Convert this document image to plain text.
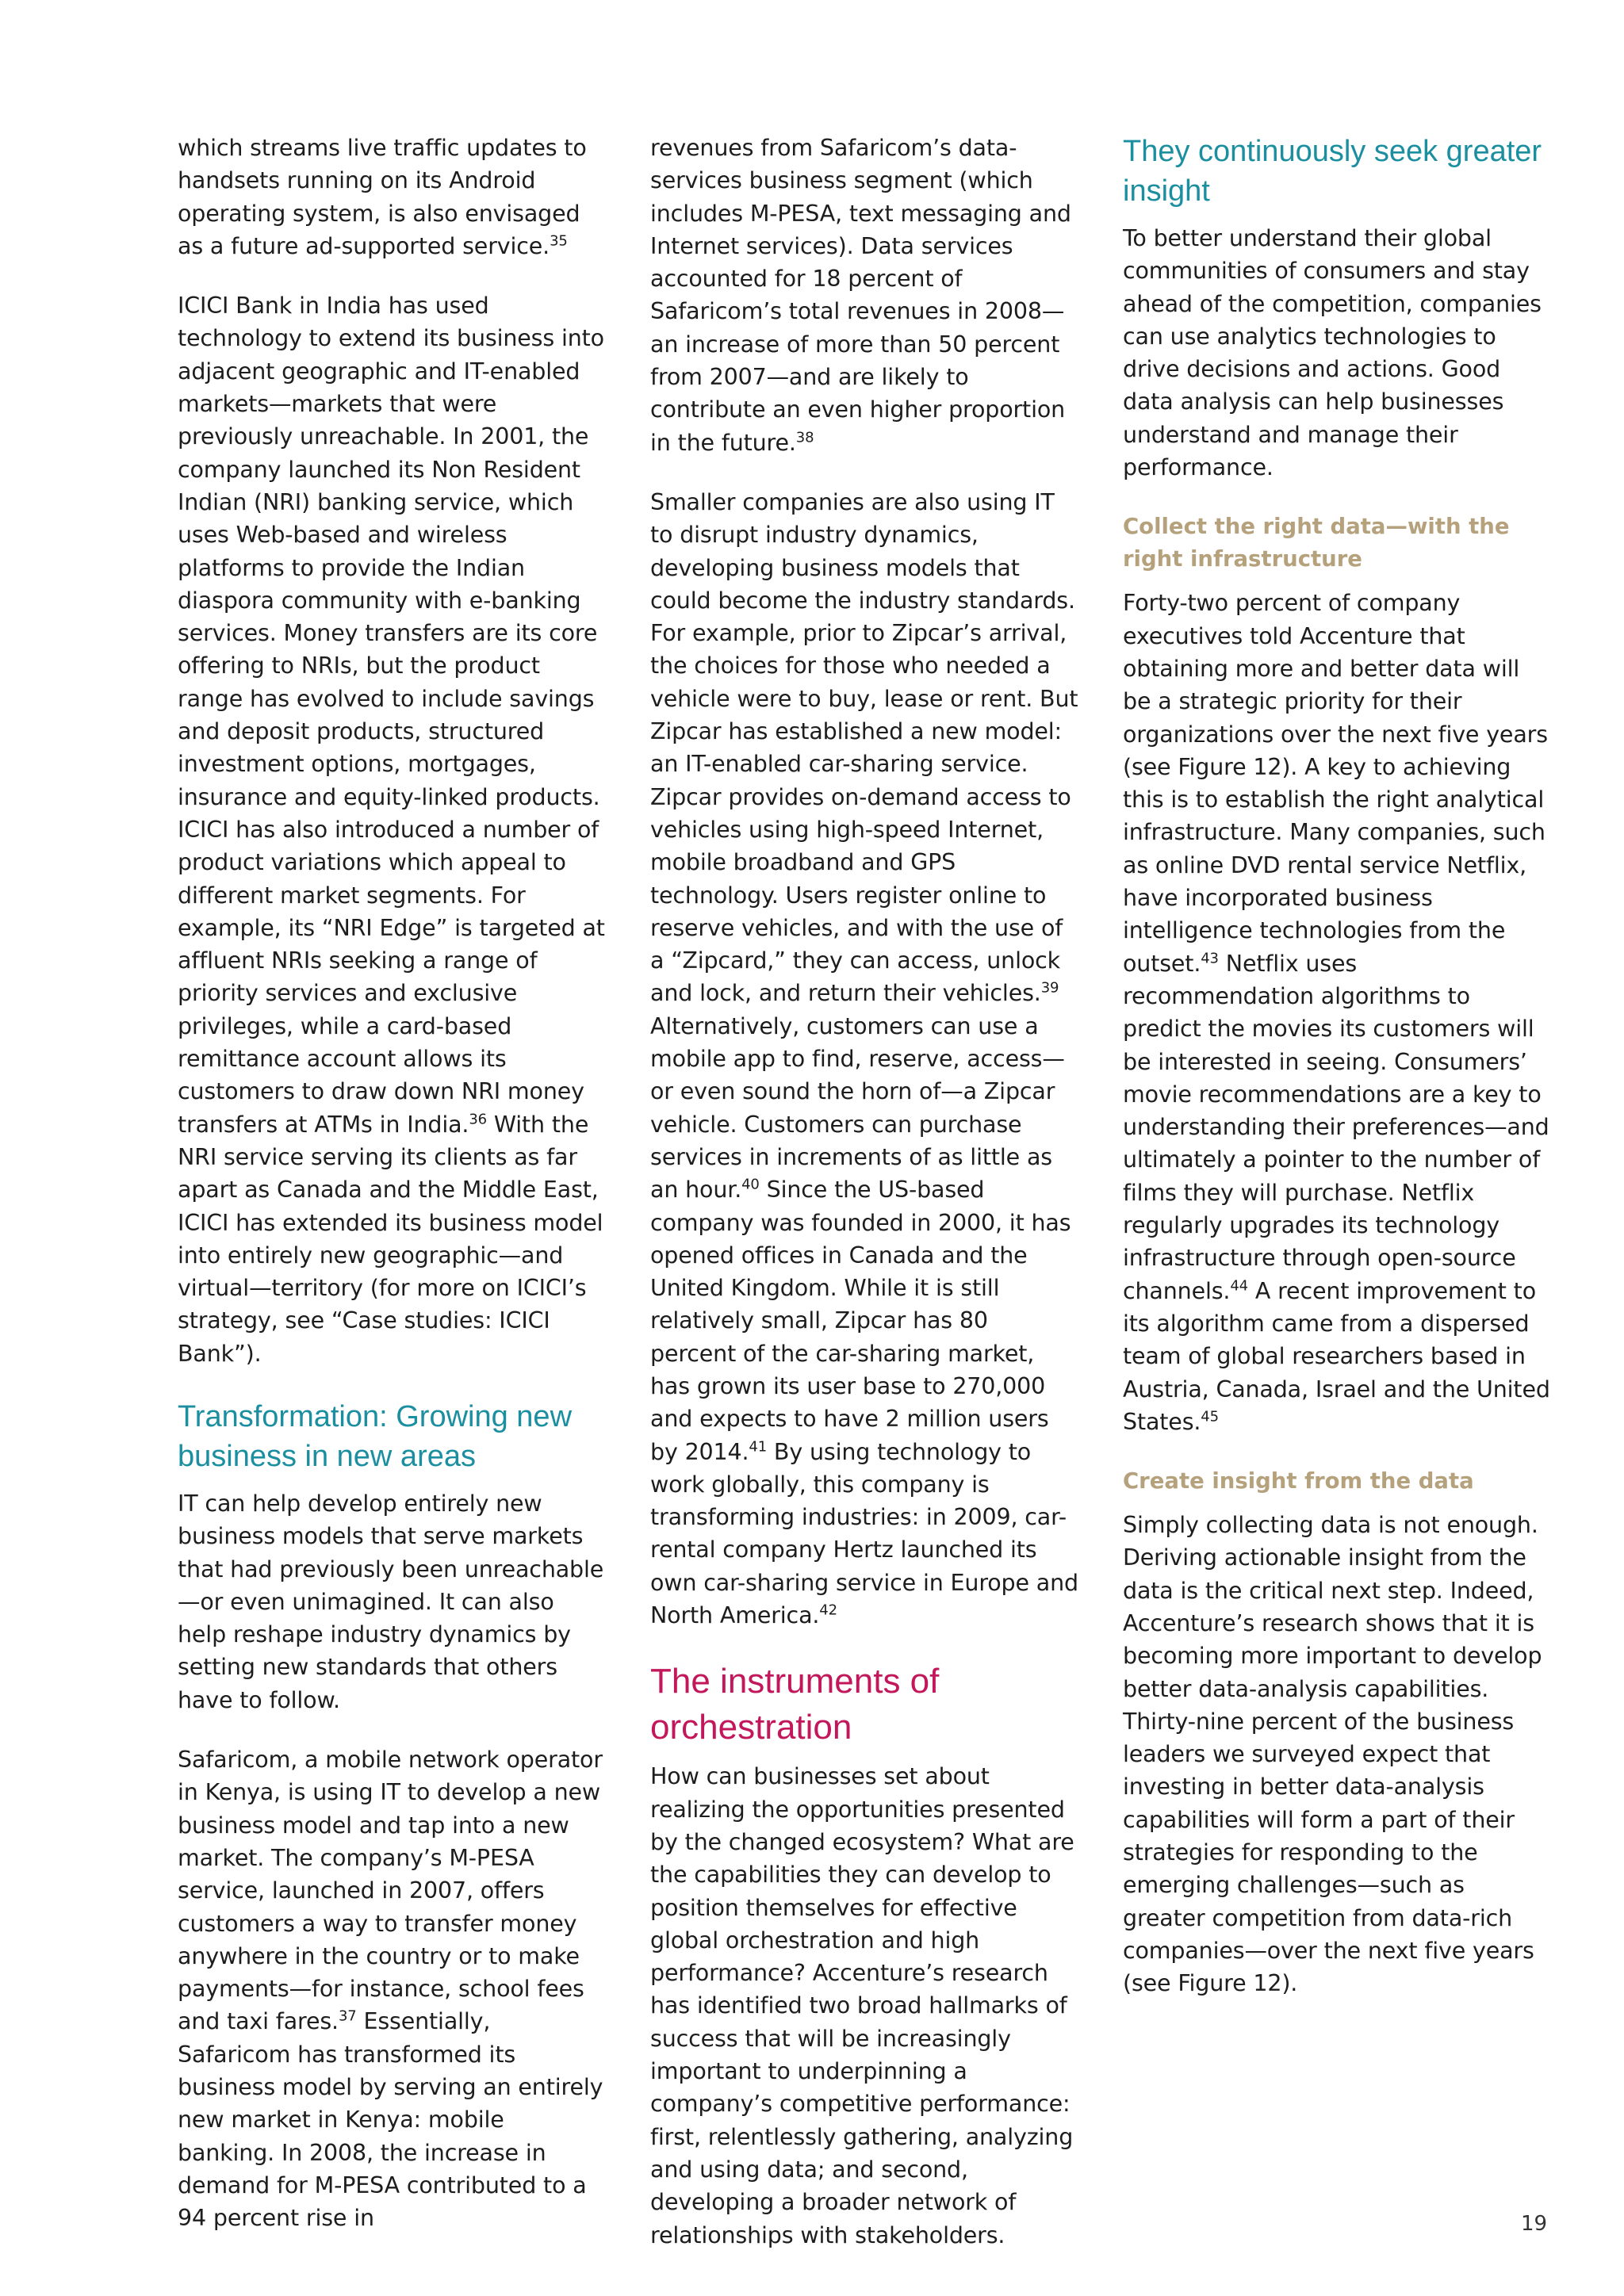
which streams live traffic updates to handsets running on its Android operating system, is also envisaged as a future ad-supported service.$^{35}$

ICICI Bank in India has used technology to extend its business into adjacent geographic and IT-enabled markets—markets that were previously unreachable. In 2001, the company launched its Non Resident Indian (NRI) banking service, which uses Web-based and wireless platforms to provide the Indian diaspora community with e-banking services. Money transfers are its core offering to NRIs, but the product range has evolved to include savings and deposit products, structured investment options, mortgages, insurance and equity-linked products. ICICI has also introduced a number of product variations which appeal to different market segments. For example, its “NRI Edge” is targeted at affluent NRIs seeking a range of priority services and exclusive privileges, while a card-based remittance account allows its customers to draw down NRI money transfers at ATMs in India.$^{36}$ With the NRI service serving its clients as far apart as Canada and the Middle East, ICICI has extended its business model into entirely new geographic—and virtual—territory (for more on ICICI’s strategy, see “Case studies: ICICI Bank”).

Transformation: Growing new business in new areas

IT can help develop entirely new business models that serve markets that had previously been unreachable—or even unimagined. It can also help reshape industry dynamics by setting new standards that others have to follow.

Safaricom, a mobile network operator in Kenya, is using IT to develop a new business model and tap into a new market. The company’s M-PESA service, launched in 2007, offers customers a way to transfer money anywhere in the country or to make payments—for instance, school fees and taxi fares.$^{37}$ Essentially, Safaricom has transformed its business model by serving an entirely new market in Kenya: mobile banking. In 2008, the increase in demand for M-PESA contributed to a 94 percent rise in

revenues from Safaricom’s data-services business segment (which includes M-PESA, text messaging and Internet services). Data services accounted for 18 percent of Safaricom’s total revenues in 2008—an increase of more than 50 percent from 2007—and are likely to contribute an even higher proportion in the future.$^{38}$

Smaller companies are also using IT to disrupt industry dynamics, developing business models that could become the industry standards. For example, prior to Zipcar’s arrival, the choices for those who needed a vehicle were to buy, lease or rent. But Zipcar has established a new model: an IT-enabled car-sharing service. Zipcar provides on-demand access to vehicles using high-speed Internet, mobile broadband and GPS technology. Users register online to reserve vehicles, and with the use of a “Zipcard,” they can access, unlock and lock, and return their vehicles.$^{39}$ Alternatively, customers can use a mobile app to find, reserve, access—or even sound the horn of—a Zipcar vehicle. Customers can purchase services in increments of as little as an hour.$^{40}$ Since the US-based company was founded in 2000, it has opened offices in Canada and the United Kingdom. While it is still relatively small, Zipcar has 80 percent of the car-sharing market, has grown its user base to 270,000 and expects to have 2 million users by 2014.41 By using technology to work globally, this company is transforming industries: in 2009, car-rental company Hertz launched its own car-sharing service in Europe and North America.$^{42}$

The instruments of orchestration

How can businesses set about realizing the opportunities presented by the changed ecosystem? What are the capabilities they can develop to position themselves for effective global orchestration and high performance? Accenture’s research has identified two broad hallmarks of success that will be increasingly important to underpinning a company’s competitive performance: first, relentlessly gathering, analyzing and using data; and second, developing a broader network of relationships with stakeholders.

They continuously seek greater insight

To better understand their global communities of consumers and stay ahead of the competition, companies can use analytics technologies to drive decisions and actions. Good data analysis can help businesses understand and manage their performance.

Collect the right data—with the right infrastructure

Forty-two percent of company executives told Accenture that obtaining more and better data will be a strategic priority for their organizations over the next five years (see Figure 12). A key to achieving this is to establish the right analytical infrastructure. Many companies, such as online DVD rental service Netflix, have incorporated business intelligence technologies from the outset.$^{43}$ Netflix uses recommendation algorithms to predict the movies its customers will be interested in seeing. Consumers’ movie recommendations are a key to understanding their preferences—and ultimately a pointer to the number of films they will purchase. Netflix regularly upgrades its technology infrastructure through open-source channels.$^{44}$ A recent improvement to its algorithm came from a dispersed team of global researchers based in Austria, Canada, Israel and the United States.$^{45}$

Create insight from the data

Simply collecting data is not enough. Deriving actionable insight from the data is the critical next step. Indeed, Accenture’s research shows that it is becoming more important to develop better data-analysis capabilities. Thirty-nine percent of the business leaders we surveyed expect that investing in better data-analysis capabilities will form a part of their strategies for responding to the emerging challenges—such as greater competition from data-rich companies—over the next five years (see Figure 12).

19
